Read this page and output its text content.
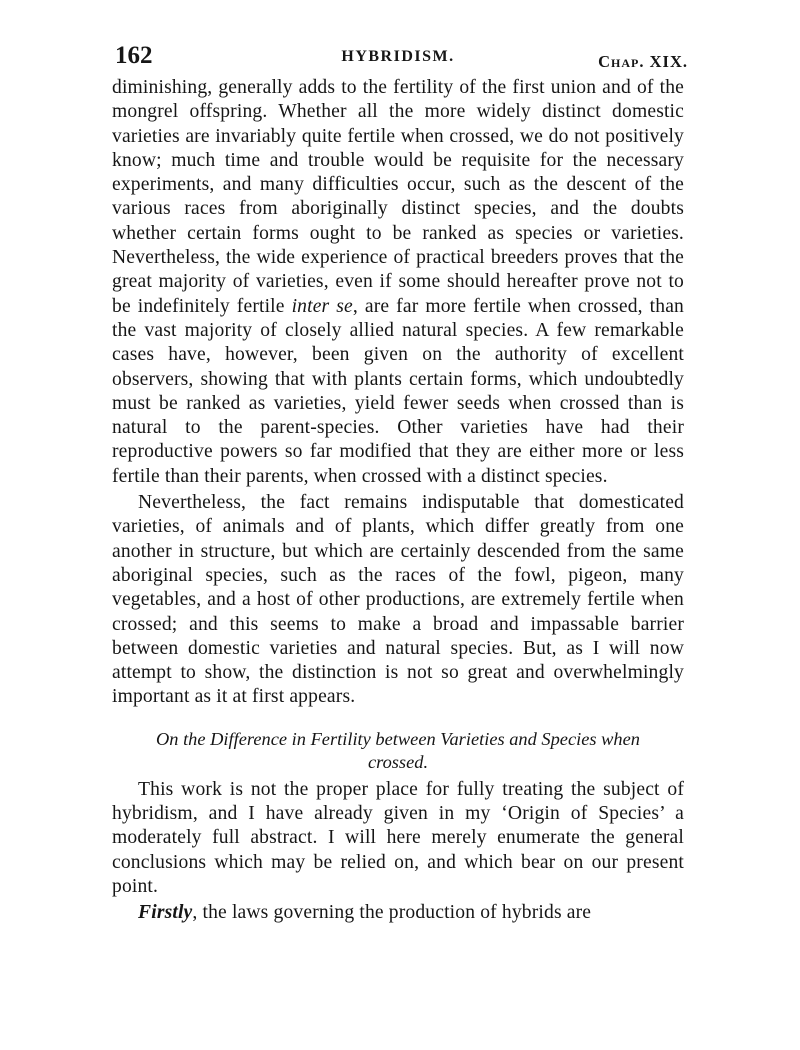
162	HYBRIDISM.	Chap. XIX.

diminishing, generally adds to the fertility of the first union and of the mongrel offspring. Whether all the more widely distinct domestic varieties are invariably quite fertile when crossed, we do not positively know; much time and trouble would be requisite for the necessary experiments, and many difficulties occur, such as the descent of the various races from aboriginally distinct species, and the doubts whether certain forms ought to be ranked as species or varieties. Nevertheless, the wide experience of practical breeders proves that the great majority of varieties, even if some should hereafter prove not to be indefinitely fertile inter se, are far more fertile when crossed, than the vast majority of closely allied natural species. A few remarkable cases have, however, been given on the authority of excellent observers, showing that with plants certain forms, which undoubtedly must be ranked as varieties, yield fewer seeds when crossed than is natural to the parent-species. Other varieties have had their reproductive powers so far modified that they are either more or less fertile than their parents, when crossed with a distinct species.

Nevertheless, the fact remains indisputable that domesticated varieties, of animals and of plants, which differ greatly from one another in structure, but which are certainly descended from the same aboriginal species, such as the races of the fowl, pigeon, many vegetables, and a host of other productions, are extremely fertile when crossed; and this seems to make a broad and impassable barrier between domestic varieties and natural species. But, as I will now attempt to show, the distinction is not so great and overwhelmingly important as it at first appears.

On the Difference in Fertility between Varieties and Species when
crossed.

This work is not the proper place for fully treating the subject of hybridism, and I have already given in my ‘Origin of Species’ a moderately full abstract. I will here merely enumerate the general conclusions which may be relied on, and which bear on our present point.

Firstly, the laws governing the production of hybrids are
